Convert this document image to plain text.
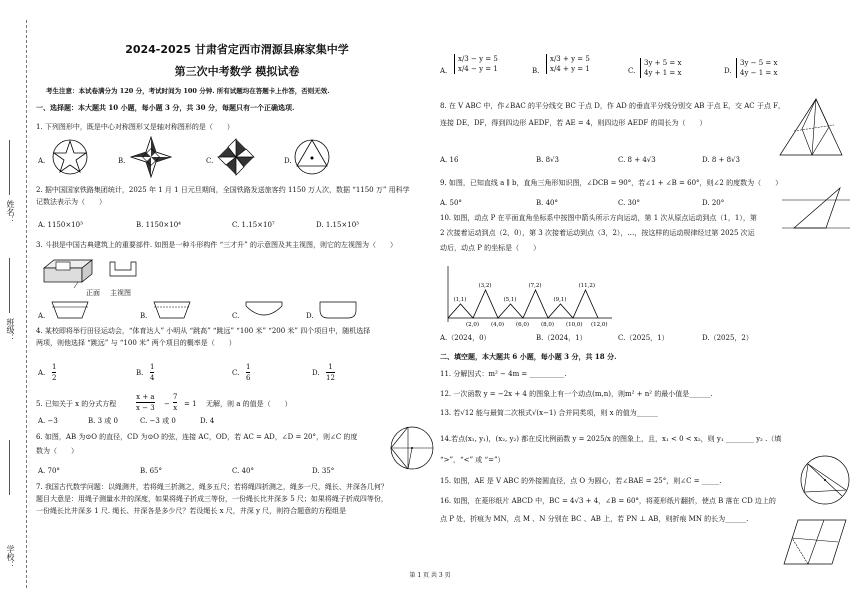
姓名：
班级：
学校：
2024-2025 甘肃省定西市渭源县麻家集中学
第三次中考数学 模拟试卷
考生注意：本试卷满分为 120 分，考试时间为 100 分钟. 所有试题均在答题卡上作答，否则无效.
一、选择题：本大题共 10 小题，每小题 3 分，共 30 分，每题只有一个正确选项.
1. 下列图形中，既是中心对称图形又是轴对称图形的是（　　）
A.	B.	C.	D.
2. 据中国国家铁路集团统计，2025 年 1 月 1 日元旦期间，全国铁路发送旅客约 1150 万人次，数据 “1150 万” 用科学
记数法表示为（　　）
A. 1150×10³	B. 1150×10⁴	C. 1.15×10⁷	D. 1.15×10³
3. 斗拱是中国古典建筑上的重要部件. 如图是一种斗形构件 “三才升” 的示意图及其主视图，则它的左视图为（　　）
正面 主视图
A.	B.	C.	D.
4. 某校即将举行田径运动会，“体育达人” 小明从 “跳高” “跳远” “100 米” “200 米” 四个项目中，随机选择
两项，则他选择 “跳远” 与 “100 米” 两个项目的概率是（　　）
A.
1
2
B.
1
4
C.
1
6
D.
1
12
5. 已知关于 x 的分式方程
x + a
x − 3
−
7
x
= 1 无解，则 a 的值是（　　）
A. −3	B. 3 或 0	C. −3 或 0	D. 4
6. 如图，AB 为⊙O 的直径，CD 为⊙O 的弦，连接 AC，OD，若 AC = AD，∠D = 20°，则∠C 的度
数为（　　）
A. 70°	B. 65°	C. 40°	D. 35°
7. 我国古代数学问题：以绳测井，若将绳三折测之，绳多五尺；若将绳四折测之，绳多一尺，绳长、井深各几何？
题目大意是：用绳子测量水井的深度，如果将绳子折成三等份，一份绳长比井深多 5 尺；如果将绳子折成四等份，
一份绳长比井深多 1 尺. 绳长、井深各是多少尺？若设绳长 x 尺，井深 y 尺，则符合题意的方程组是
A.
x/3 − y = 5
x/4 − y = 1	B.
x/3 + y = 5
x/4 + y = 1	C.
3y + 5 = x
4y + 1 = x	D.
3y − 5 = x
4y − 1 = x
8. 在 V ABC 中，作∠BAC 的平分线交 BC 于点 D，作 AD 的垂直平分线分别交 AB 于点 E，交 AC 于点 F，
连接 DE，DF，得到四边形 AEDF，若 AE = 4，则四边形 AEDF 的周长为（　　）
A. 16	B. 8√3	C. 8 + 4√3	D. 8 + 8√3
9. 如图，已知直线 a ∥ b，直角三角形知识图，∠DCB = 90°，若∠1 + ∠B = 60°，则∠2 的度数为（　　）
A. 50°	B. 40°	C. 30°	D. 20°
10. 如图，动点 P 在平面直角坐标系中按图中箭头所示方向运动，第 1 次从原点运动到点（1，1），第
2 次接着运动到点（2，0），第 3 次接着运动到点（3，2），…，按这样的运动规律经过第 2025 次运
动后，动点 P 的坐标是（　　）
(1,1)
(3,2)
(5,1)
(7,2)
(9,1)
(11,2)
(2,0) (4,0) (6,0) (8,0) (10,0) (12,0)
A.（2024，0）	B.（2024，1）	C.（2025，1）	D.（2025，2）
二、填空题，本大题共 6 小题，每小题 3 分，共 18 分.
11. 分解因式：m² − 4m = __________.
12. 一次函数 y = −2x + 4 的图象上有一个动点(m,n)，则m² + n² 的最小值是______.
13. 若√12 能与最简二次根式√(x−1) 合并同类项，则 x 的值为______
14.若点(x₁, y₁)，(x₂, y₂) 都在反比例函数 y = 2025/x 的图象上，且，x₁ < 0 < x₂，则 y₁ ________ y₂ .（填
“>”，“<” 或 “=”）
15. 如图，AE 是 V ABC 的外接圆直径，点 O 为圆心，若∠BAE = 25°，则∠C = _____.
16. 如图，在菱形纸片 ABCD 中，BC = 4√3 + 4，∠B = 60°，将菱形纸片翻折，使点 B 落在 CD 边上的
点 P 处，折痕为 MN，点 M 、N 分别在 BC 、AB 上，若 PN ⊥ AB，则折痕 MN 的长为______.
第 1 页 共 3 页
